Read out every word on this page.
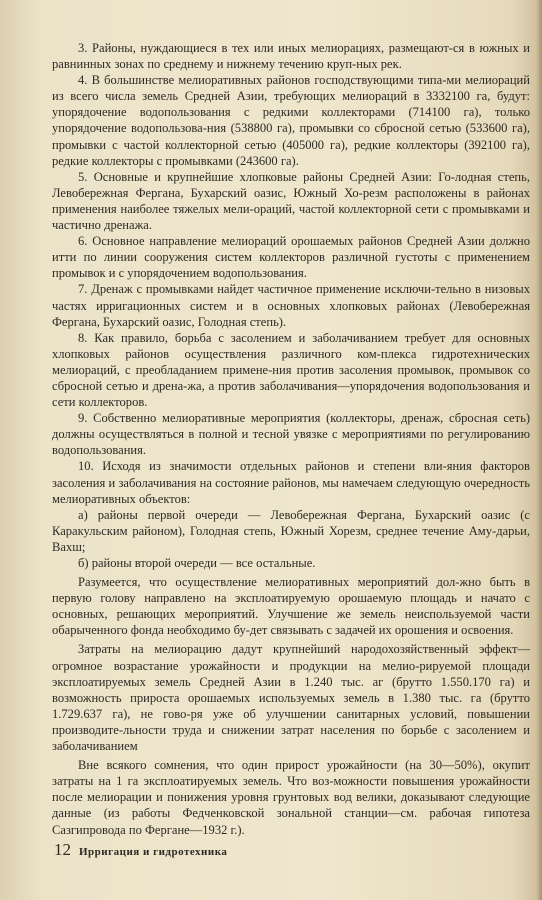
3. Районы, нуждающиеся в тех или иных мелиорациях, размещают-ся в южных и равнинных зонах по среднему и нижнему течению круп-ных рек.

4. В большинстве мелиоративных районов господствующими типа-ми мелиораций из всего числа земель Средней Азии, требующих мелиораций в 3332100 га, будут: упорядочение водопользования с редкими коллекторами (714100 га), только упорядочение водопользова-ния (538800 га), промывки со сбросной сетью (533600 га), промывки с частой коллекторной сетью (405000 га), редкие коллекторы (392100 га), редкие коллекторы с промывками (243600 га).

5. Основные и крупнейшие хлопковые районы Средней Азии: Го-лодная степь, Левобережная Фергана, Бухарский оазис, Южный Хо-резм расположены в районах применения наиболее тяжелых мели-ораций, частой коллекторной сети с промывками и частично дренажа.

6. Основное направление мелиораций орошаемых районов Средней Азии должно итти по линии сооружения систем коллекторов различной густоты с применением промывок и с упорядочением водопользования.

7. Дренаж с промывками найдет частичное применение исключи-тельно в низовых частях ирригационных систем и в основных хлопковых районах (Левобережная Фергана, Бухарский оазис, Голодная степь).

8. Как правило, борьба с засолением и заболачиванием требует для основных хлопковых районов осуществления различного ком-плекса гидротехнических мелиораций, с преобладанием примене-ния против засоления промывок, промывок со сбросной сетью и дрена-жа, а против заболачивания—упорядочения водопользования и сети коллекторов.

9. Собственно мелиоративные мероприятия (коллекторы, дренаж, сбросная сеть) должны осуществляться в полной и тесной увязке с мероприятиями по регулированию водопользования.

10. Исходя из значимости отдельных районов и степени вли-яния факторов засоления и заболачивания на состояние районов, мы намечаем следующую очередность мелиоративных объектов:

а) районы первой очереди — Левобережная Фергана, Бухарский оазис (с Каракульским районом), Голодная степь, Южный Хорезм, среднее течение Аму-дарьи, Вахш;

б) районы второй очереди — все остальные.

Разумеется, что осуществление мелиоративных мероприятий дол-жно быть в первую голову направлено на эксплоатируемую орошаемую площадь и начато с основных, решающих мероприятий. Улучшение же земель неиспользуемой части обарыченного фонда необходимо бу-дет связывать с задачей их орошения и освоения.

Затраты на мелиорацию дадут крупнейший народохозяйственный эффект—огромное возрастание урожайности и продукции на мелио-рируемой площади эксплоатируемых земель Средней Азии в 1.240 тыс. аг (брутто 1.550.170 га) и возможность прироста орошаемых используемых земель в 1.380 тыс. га (брутто 1.729.637 га), не гово-ря уже об улучшении санитарных условий, повышении производите-льности труда и снижении затрат населения по борьбе с засолением и заболачиванием

Вне всякого сомнения, что один прирост урожайности (на 30—50%), окупит затраты на 1 га эксплоатируемых земель. Что воз-можности повышения урожайности после мелиорации и понижения уровня грунтовых вод велики, доказывают следующие данные (из работы Федченковской зональной станции—см. рабочая гипотеза Сазгипровода по Фергане—1932 г.).

12 Ирригация и гидротехника
